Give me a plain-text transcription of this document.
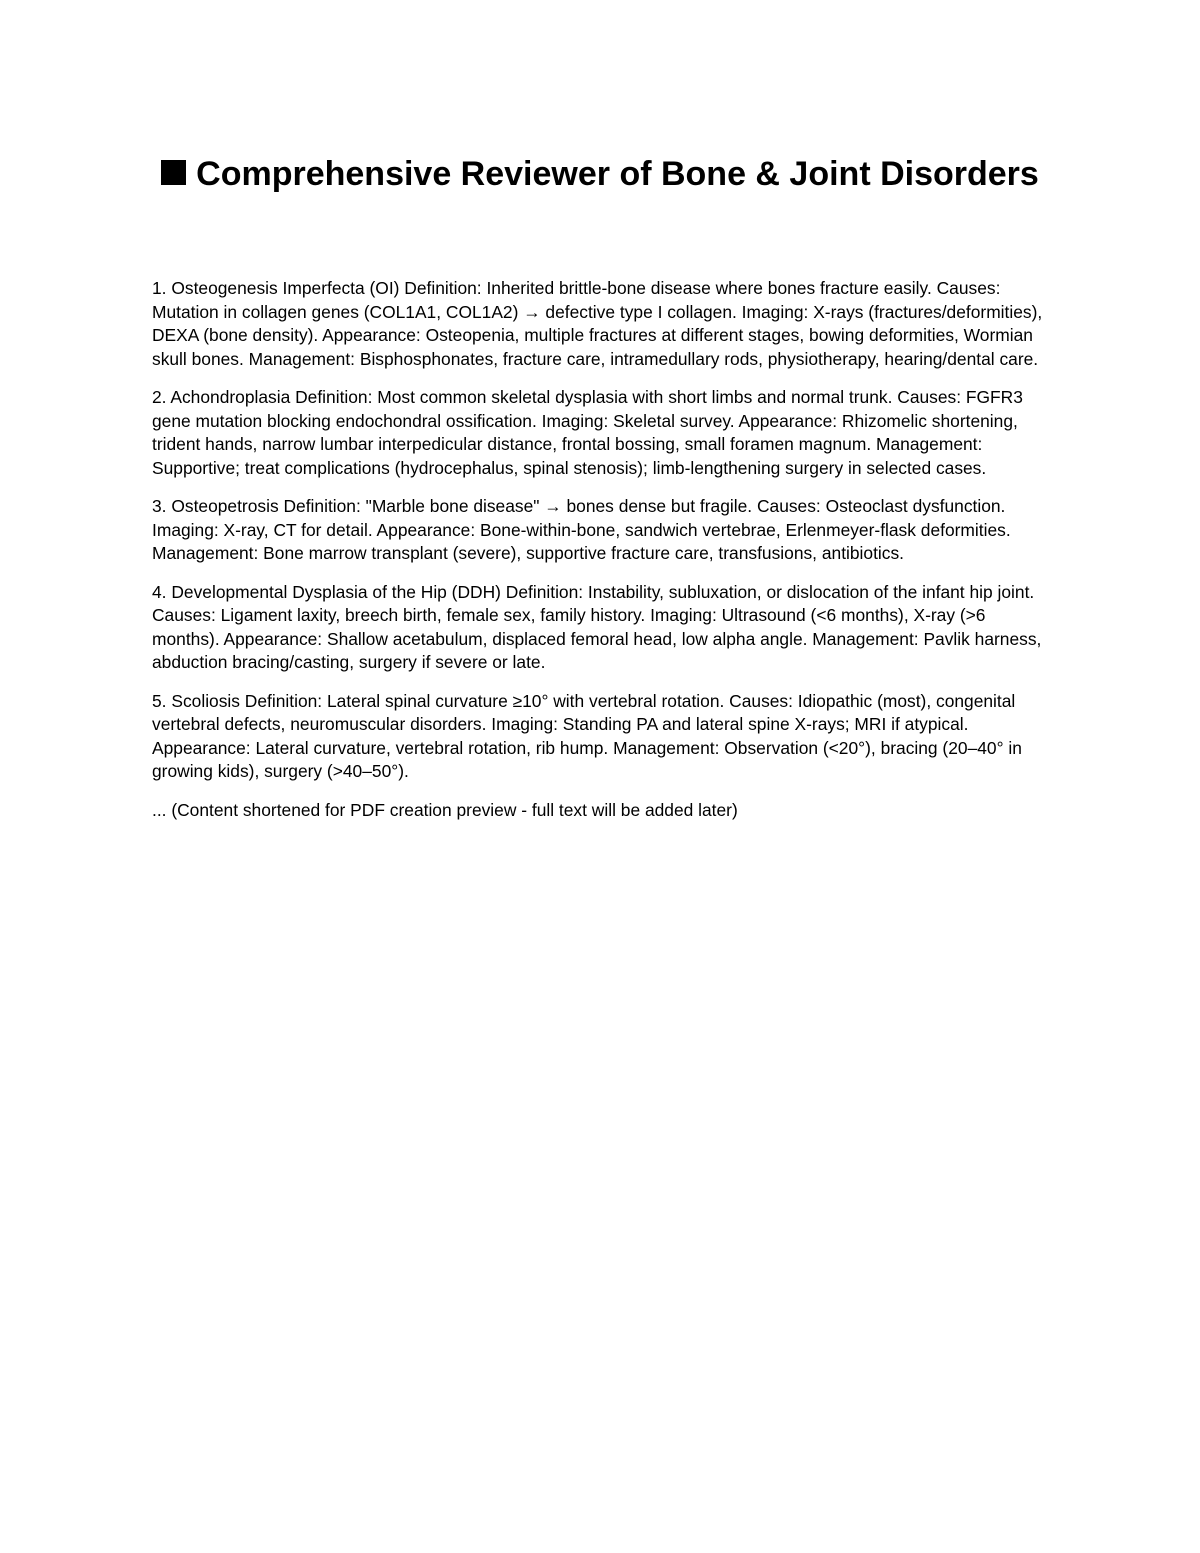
Comprehensive Reviewer of Bone & Joint Disorders

1. Osteogenesis Imperfecta (OI) Definition: Inherited brittle-bone disease where bones fracture easily. Causes: Mutation in collagen genes (COL1A1, COL1A2) → defective type I collagen. Imaging: X-rays (fractures/deformities), DEXA (bone density). Appearance: Osteopenia, multiple fractures at different stages, bowing deformities, Wormian skull bones. Management: Bisphosphonates, fracture care, intramedullary rods, physiotherapy, hearing/dental care.

2. Achondroplasia Definition: Most common skeletal dysplasia with short limbs and normal trunk. Causes: FGFR3 gene mutation blocking endochondral ossification. Imaging: Skeletal survey. Appearance: Rhizomelic shortening, trident hands, narrow lumbar interpedicular distance, frontal bossing, small foramen magnum. Management: Supportive; treat complications (hydrocephalus, spinal stenosis); limb-lengthening surgery in selected cases.

3. Osteopetrosis Definition: "Marble bone disease" → bones dense but fragile. Causes: Osteoclast dysfunction. Imaging: X-ray, CT for detail. Appearance: Bone-within-bone, sandwich vertebrae, Erlenmeyer-flask deformities. Management: Bone marrow transplant (severe), supportive fracture care, transfusions, antibiotics.

4. Developmental Dysplasia of the Hip (DDH) Definition: Instability, subluxation, or dislocation of the infant hip joint. Causes: Ligament laxity, breech birth, female sex, family history. Imaging: Ultrasound (<6 months), X-ray (>6 months). Appearance: Shallow acetabulum, displaced femoral head, low alpha angle. Management: Pavlik harness, abduction bracing/casting, surgery if severe or late.

5. Scoliosis Definition: Lateral spinal curvature ≥10° with vertebral rotation. Causes: Idiopathic (most), congenital vertebral defects, neuromuscular disorders. Imaging: Standing PA and lateral spine X-rays; MRI if atypical. Appearance: Lateral curvature, vertebral rotation, rib hump. Management: Observation (<20°), bracing (20–40° in growing kids), surgery (>40–50°).

... (Content shortened for PDF creation preview - full text will be added later)
